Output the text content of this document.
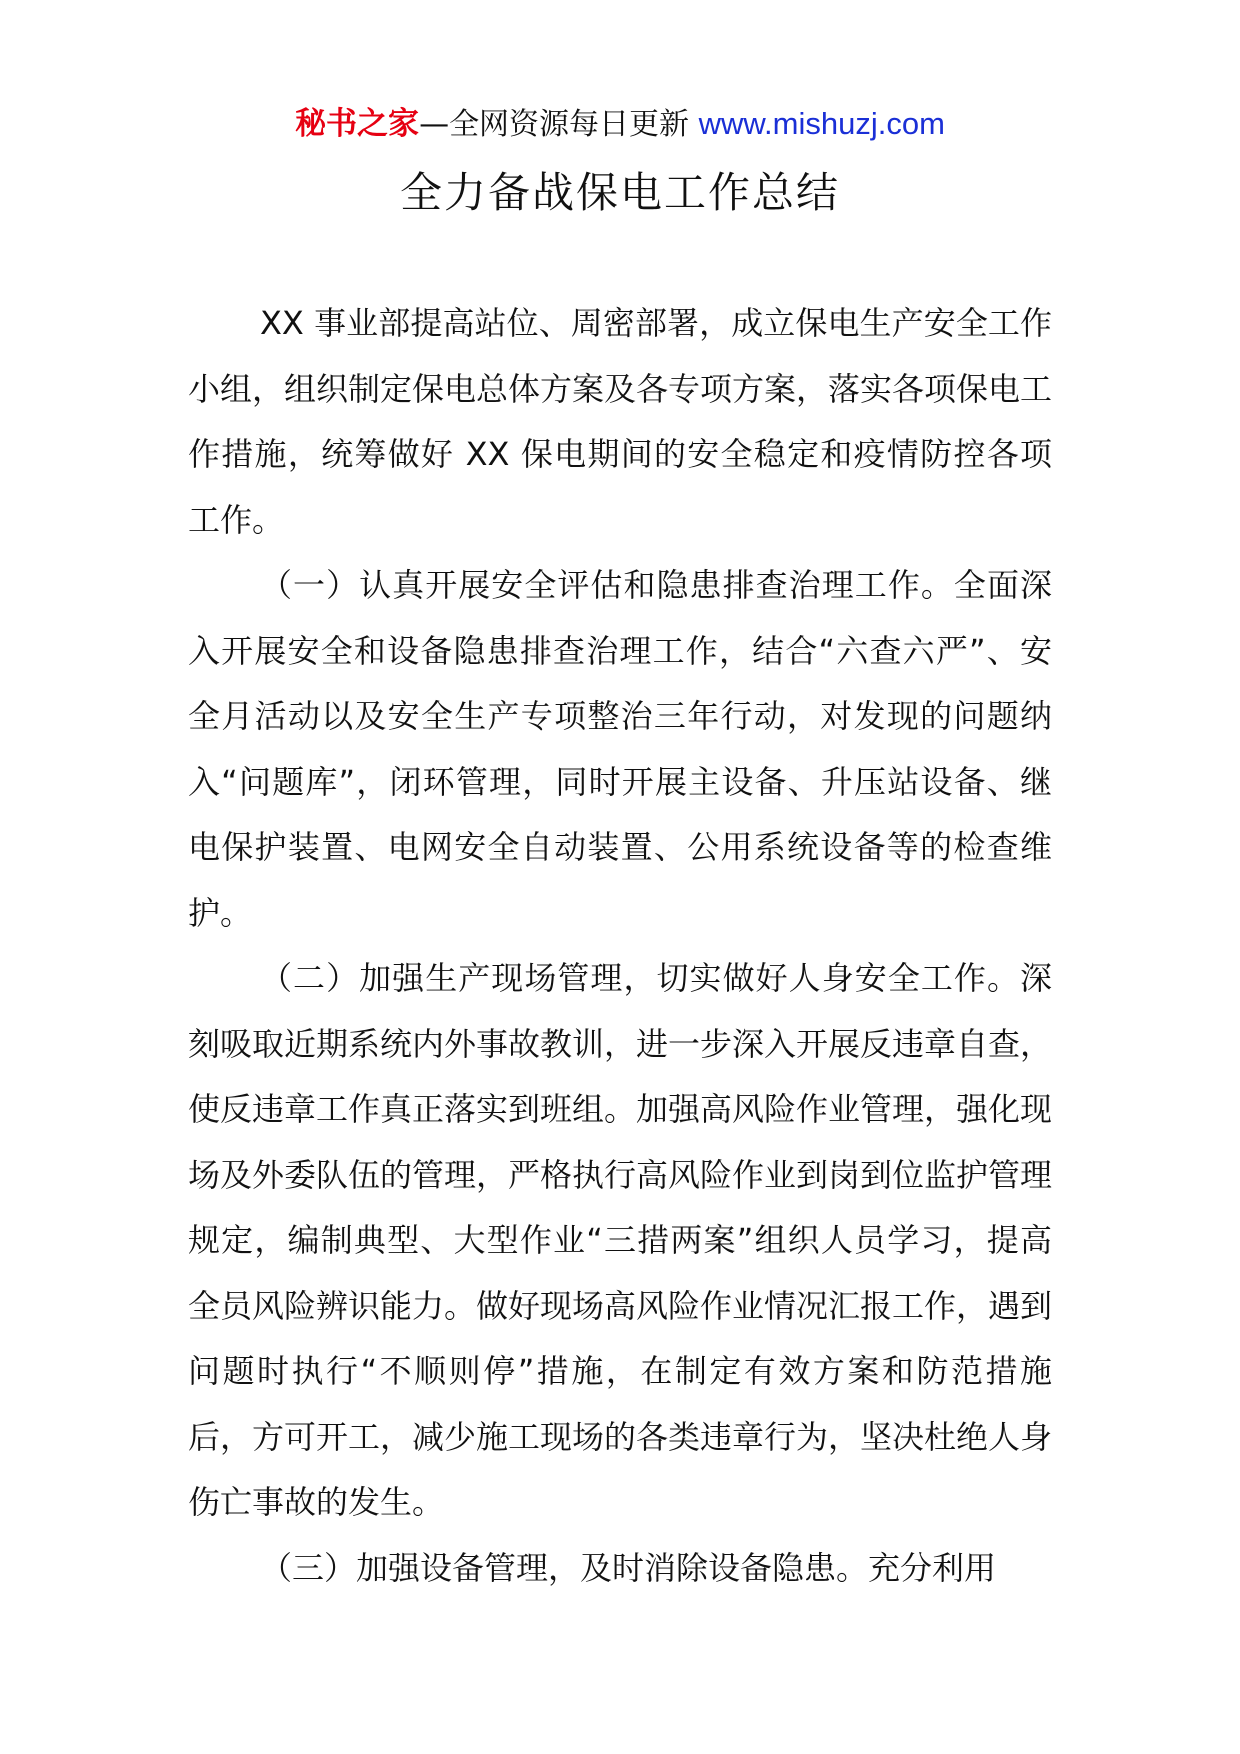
秘书之家—全网资源每日更新 www.mishuzj.com
全力备战保电工作总结

XX 事业部提高站位、周密部署，成立保电生产安全工作小组，组织制定保电总体方案及各专项方案，落实各项保电工作措施，统筹做好 XX 保电期间的安全稳定和疫情防控各项工作。

（一）认真开展安全评估和隐患排查治理工作。全面深入开展安全和设备隐患排查治理工作，结合“六查六严”、安全月活动以及安全生产专项整治三年行动，对发现的问题纳入“问题库”，闭环管理，同时开展主设备、升压站设备、继电保护装置、电网安全自动装置、公用系统设备等的检查维护。

（二）加强生产现场管理，切实做好人身安全工作。深刻吸取近期系统内外事故教训，进一步深入开展反违章自查，使反违章工作真正落实到班组。加强高风险作业管理，强化现场及外委队伍的管理，严格执行高风险作业到岗到位监护管理规定，编制典型、大型作业“三措两案”组织人员学习，提高全员风险辨识能力。做好现场高风险作业情况汇报工作，遇到问题时执行“不顺则停”措施，在制定有效方案和防范措施后，方可开工，减少施工现场的各类违章行为，坚决杜绝人身伤亡事故的发生。

（三）加强设备管理，及时消除设备隐患。充分利用
